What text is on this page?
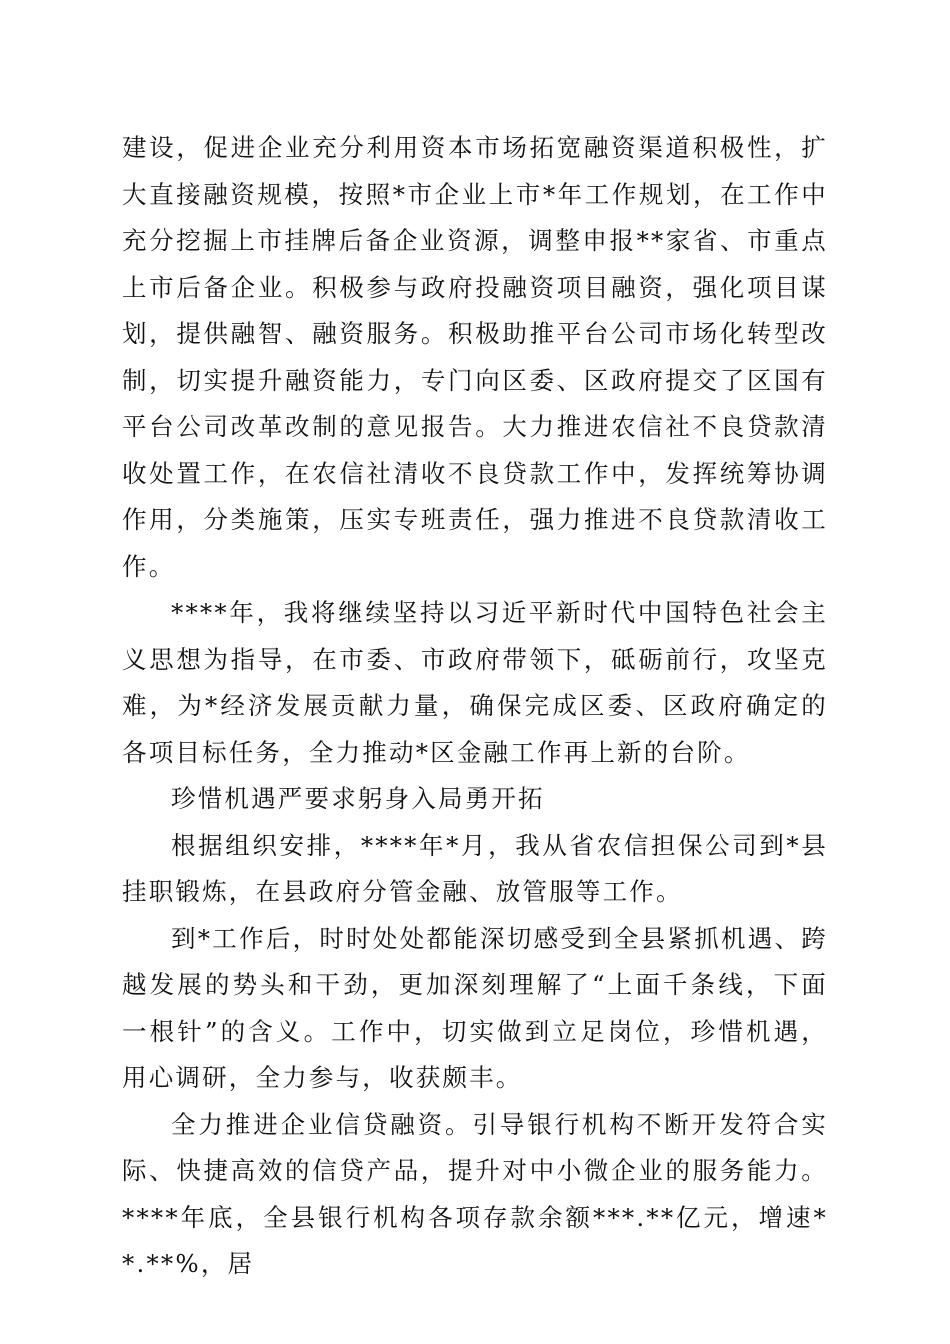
建设，促进企业充分利用资本市场拓宽融资渠道积极性，扩大直接融资规模，按照*市企业上市*年工作规划，在工作中充分挖掘上市挂牌后备企业资源，调整申报**家省、市重点上市后备企业。积极参与政府投融资项目融资，强化项目谋划，提供融智、融资服务。积极助推平台公司市场化转型改制，切实提升融资能力，专门向区委、区政府提交了区国有平台公司改革改制的意见报告。大力推进农信社不良贷款清收处置工作，在农信社清收不良贷款工作中，发挥统筹协调作用，分类施策，压实专班责任，强力推进不良贷款清收工作。

****年，我将继续坚持以习近平新时代中国特色社会主义思想为指导，在市委、市政府带领下，砥砺前行，攻坚克难，为*经济发展贡献力量，确保完成区委、区政府确定的各项目标任务，全力推动*区金融工作再上新的台阶。

珍惜机遇严要求躬身入局勇开拓

根据组织安排，****年*月，我从省农信担保公司到*县挂职锻炼，在县政府分管金融、放管服等工作。

到*工作后，时时处处都能深切感受到全县紧抓机遇、跨越发展的势头和干劲，更加深刻理解了“上面千条线，下面一根针”的含义。工作中，切实做到立足岗位，珍惜机遇，用心调研，全力参与，收获颇丰。

全力推进企业信贷融资。引导银行机构不断开发符合实际、快捷高效的信贷产品，提升对中小微企业的服务能力。****年底，全县银行机构各项存款余额***.**亿元，增速**.**%，居
